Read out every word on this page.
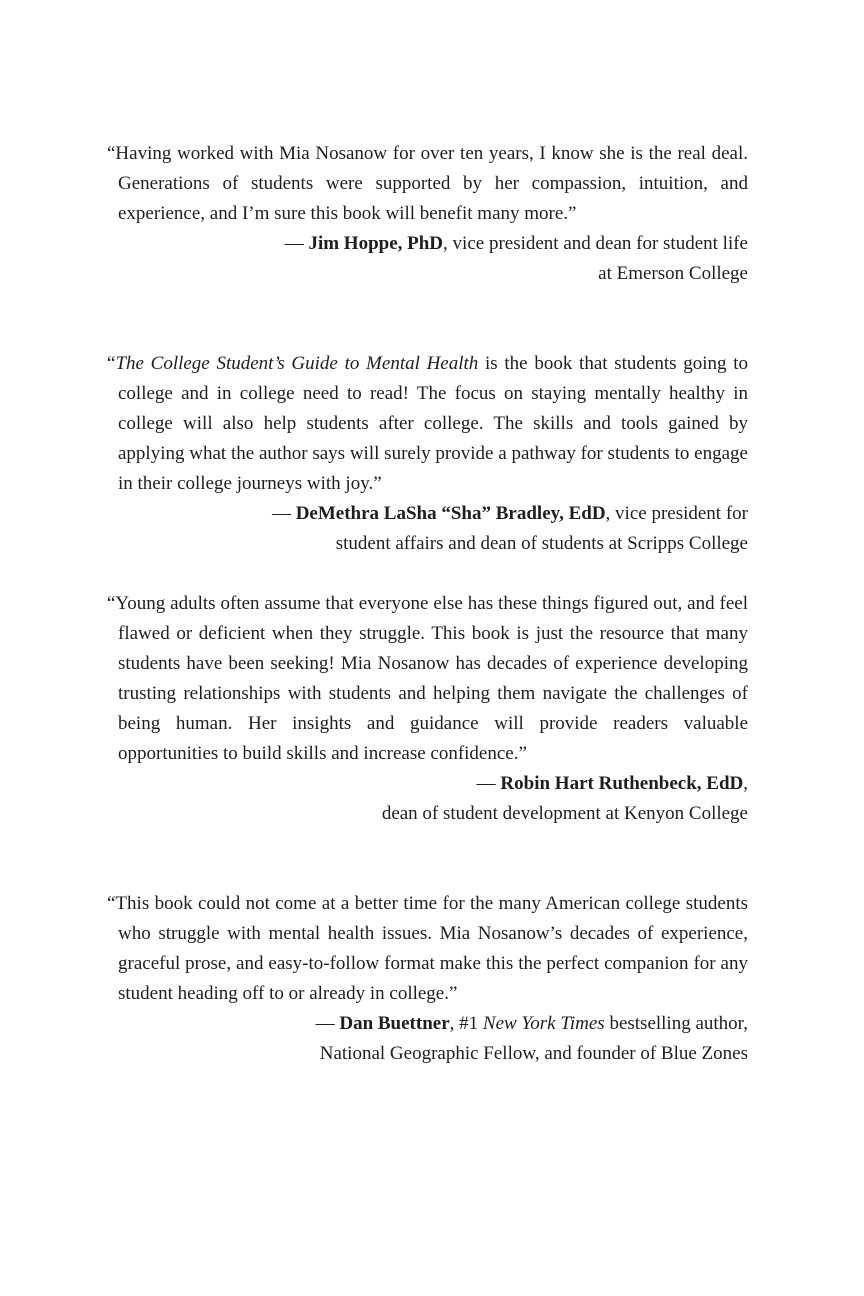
“Having worked with Mia Nosanow for over ten years, I know she is the real deal. Generations of students were supported by her compassion, intuition, and experience, and I’m sure this book will benefit many more.”

— Jim Hoppe, PhD, vice president and dean for student life
at Emerson College

“The College Student’s Guide to Mental Health is the book that students going to college and in college need to read! The focus on staying mentally healthy in college will also help students after college. The skills and tools gained by applying what the author says will surely provide a pathway for students to engage in their college journeys with joy.”

— DeMethra LaSha “Sha” Bradley, EdD, vice president for
student affairs and dean of students at Scripps College

“Young adults often assume that everyone else has these things figured out, and feel flawed or deficient when they struggle. This book is just the resource that many students have been seeking! Mia Nosanow has decades of experience developing trusting relationships with students and helping them navigate the challenges of being human. Her insights and guidance will provide readers valuable opportunities to build skills and increase confidence.”

— Robin Hart Ruthenbeck, EdD,
dean of student development at Kenyon College

“This book could not come at a better time for the many American college students who struggle with mental health issues. Mia Nosanow’s decades of experience, graceful prose, and easy-to-follow format make this the perfect companion for any student heading off to or already in college.”

— Dan Buettner, #1 New York Times bestselling author,
National Geographic Fellow, and founder of Blue Zones
